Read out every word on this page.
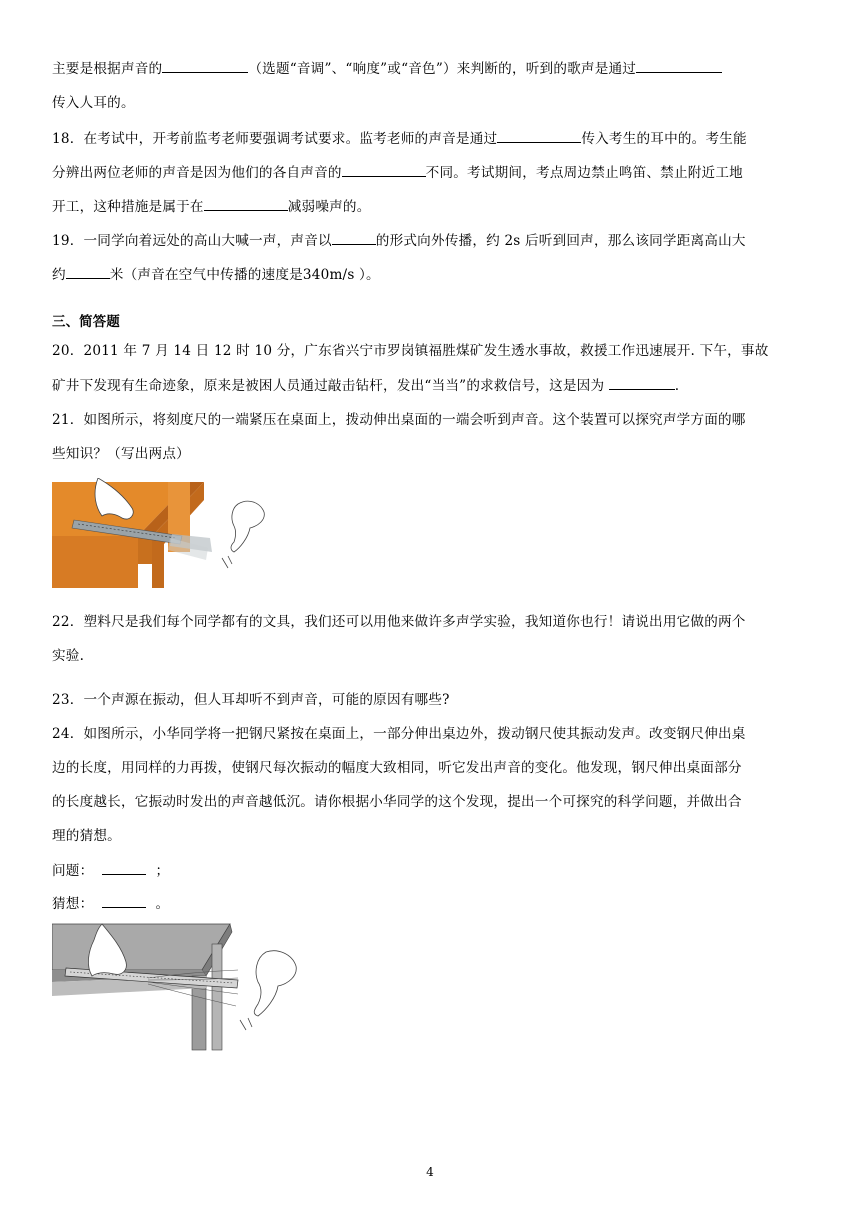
主要是根据声音的	（选题“音调”、“响度”或“音色”）来判断的，听到的歌声是通过
传入人耳的。
18．在考试中，开考前监考老师要强调考试要求。监考老师的声音是通过	传入考生的耳中的。考生能
分辨出两位老师的声音是因为他们的各自声音的	不同。考试期间，考点周边禁止鸣笛、禁止附近工地
开工，这种措施是属于在	减弱噪声的。
19．一同学向着远处的高山大喊一声，声音以	的形式向外传播，约 2s 后听到回声，那么该同学距离高山大
约	米（声音在空气中传播的速度是340m/s ）。
三、简答题
20．2011 年 7 月 14 日 12 时 10 分，广东省兴宁市罗岗镇福胜煤矿发生透水事故，救援工作迅速展开. 下午，事故
矿井下发现有生命迹象，原来是被困人员通过敲击钻杆，发出“当当”的求救信号，这是因为	.
21．如图所示，将刻度尺的一端紧压在桌面上，拨动伸出桌面的一端会听到声音。这个装置可以探究声学方面的哪
些知识？（写出两点）
22．塑料尺是我们每个同学都有的文具，我们还可以用他来做许多声学实验，我知道你也行！请说出用它做的两个
实验.
23．一个声源在振动，但人耳却听不到声音，可能的原因有哪些?
24．如图所示，小华同学将一把钢尺紧按在桌面上，一部分伸出桌边外，拨动钢尺使其振动发声。改变钢尺伸出桌
边的长度，用同样的力再拨，使钢尺每次振动的幅度大致相同，听它发出声音的变化。他发现，钢尺伸出桌面部分
的长度越长，它振动时发出的声音越低沉。请你根据小华同学的这个发现，提出一个可探究的科学问题，并做出合
理的猜想。
问题：	；
猜想：	。
4
